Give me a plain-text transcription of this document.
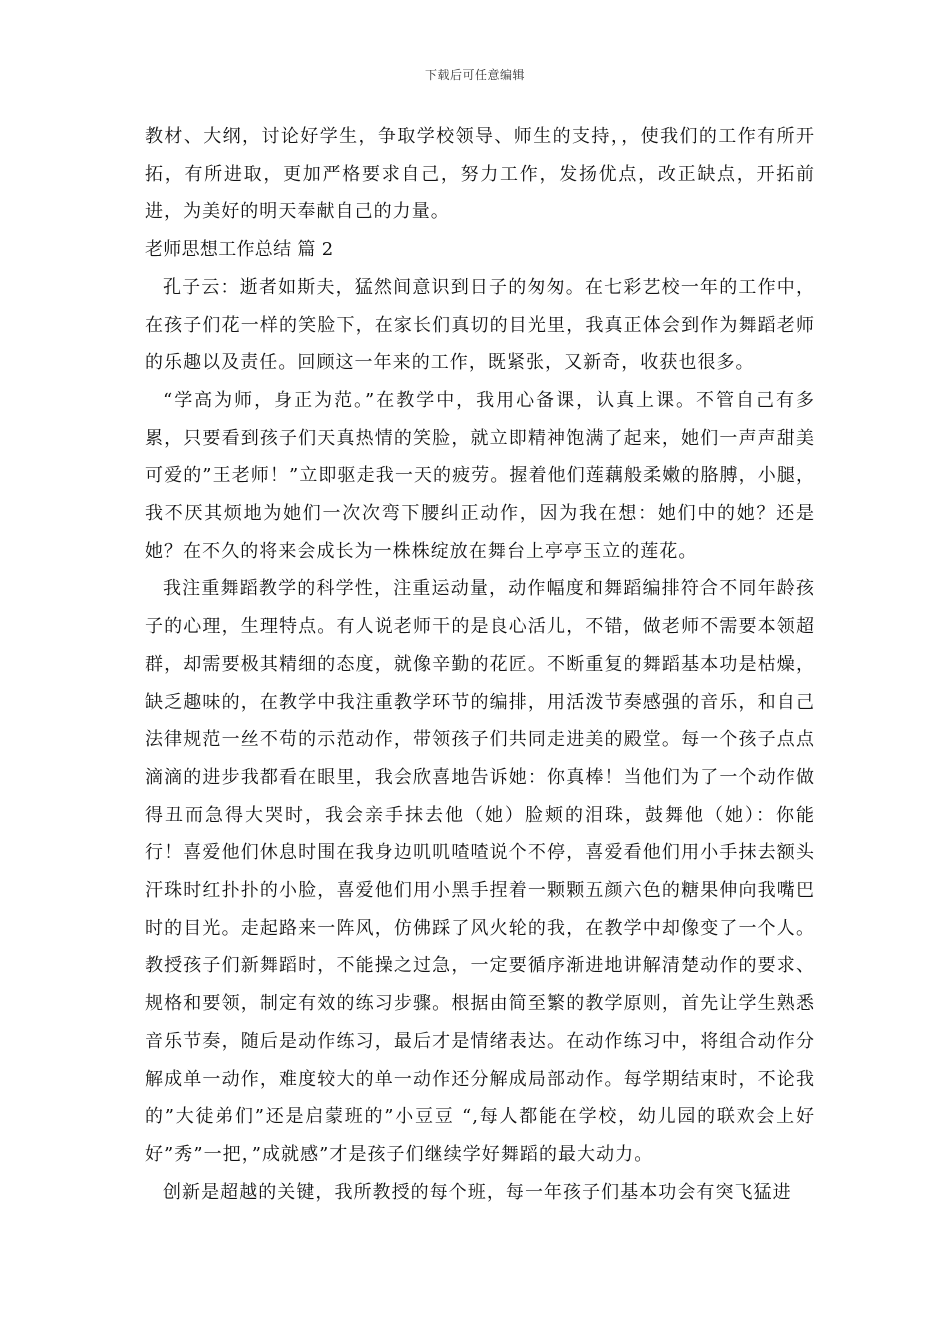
下载后可任意编辑

教材、大纲，讨论好学生，争取学校领导、师生的支持，，使我们的工作有所开拓，有所进取，更加严格要求自己，努力工作，发扬优点，改正缺点，开拓前进，为美好的明天奉献自己的力量。

老师思想工作总结 篇 2

孔子云：逝者如斯夫，猛然间意识到日子的匆匆。在七彩艺校一年的工作中，在孩子们花一样的笑脸下，在家长们真切的目光里，我真正体会到作为舞蹈老师的乐趣以及责任。回顾这一年来的工作，既紧张，又新奇，收获也很多。

“学高为师，身正为范。”在教学中，我用心备课，认真上课。不管自己有多累，只要看到孩子们天真热情的笑脸，就立即精神饱满了起来，她们一声声甜美可爱的”王老师！”立即驱走我一天的疲劳。握着他们莲藕般柔嫩的胳膊，小腿，我不厌其烦地为她们一次次弯下腰纠正动作，因为我在想：她们中的她？还是她？在不久的将来会成长为一株株绽放在舞台上亭亭玉立的莲花。

我注重舞蹈教学的科学性，注重运动量，动作幅度和舞蹈编排符合不同年龄孩子的心理，生理特点。有人说老师干的是良心活儿，不错，做老师不需要本领超群，却需要极其精细的态度，就像辛勤的花匠。不断重复的舞蹈基本功是枯燥，缺乏趣味的，在教学中我注重教学环节的编排，用活泼节奏感强的音乐，和自己法律规范一丝不苟的示范动作，带领孩子们共同走进美的殿堂。每一个孩子点点滴滴的进步我都看在眼里，我会欣喜地告诉她：你真棒！当他们为了一个动作做得丑而急得大哭时，我会亲手抹去他（她）脸颊的泪珠，鼓舞他（她）：你能行！喜爱他们休息时围在我身边叽叽喳喳说个不停，喜爱看他们用小手抹去额头汗珠时红扑扑的小脸，喜爱他们用小黑手捏着一颗颗五颜六色的糖果伸向我嘴巴时的目光。走起路来一阵风，仿佛踩了风火轮的我，在教学中却像变了一个人。教授孩子们新舞蹈时，不能操之过急，一定要循序渐进地讲解清楚动作的要求、规格和要领，制定有效的练习步骤。根据由简至繁的教学原则，首先让学生熟悉音乐节奏，随后是动作练习，最后才是情绪表达。在动作练习中，将组合动作分解成单一动作，难度较大的单一动作还分解成局部动作。每学期结束时，不论我的”大徒弟们”还是启蒙班的”小豆豆 “,每人都能在学校，幼儿园的联欢会上好好”秀”一把，”成就感”才是孩子们继续学好舞蹈的最大动力。

创新是超越的关键，我所教授的每个班，每一年孩子们基本功会有突飞猛进
